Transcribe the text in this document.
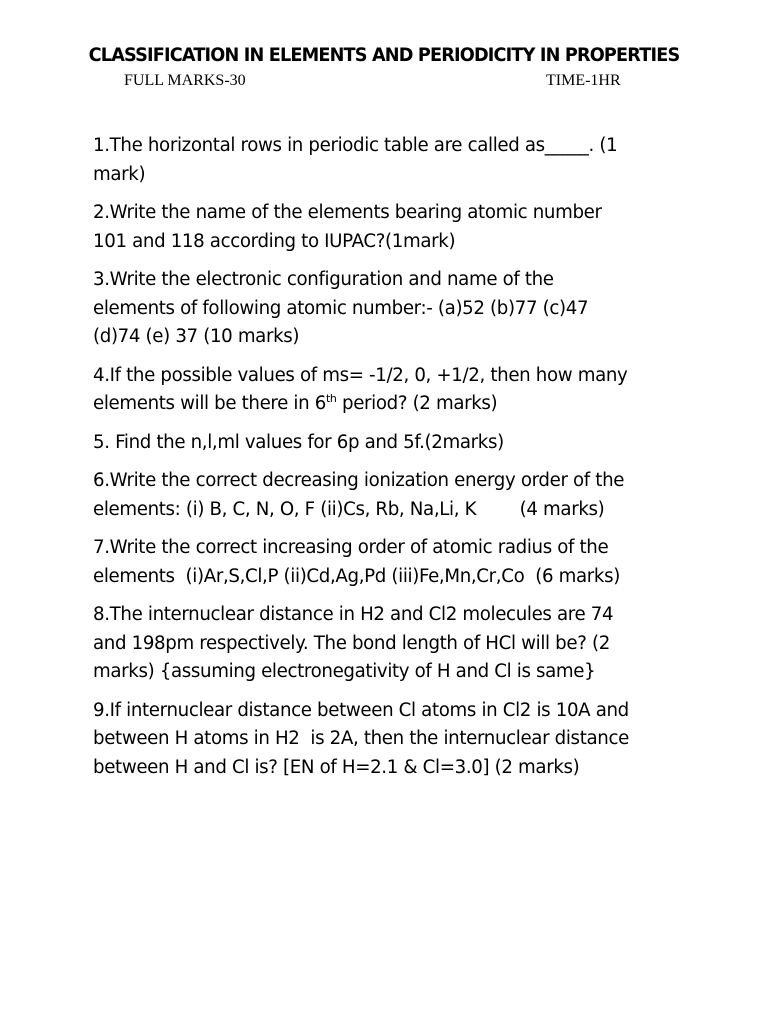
CLASSIFICATION IN ELEMENTS AND PERIODICITY IN PROPERTIES
FULL MARKS-30	TIME-1HR
1.The horizontal rows in periodic table are called as_____. (1
mark)
2.Write the name of the elements bearing atomic number
101 and 118 according to IUPAC?(1mark)
3.Write the electronic configuration and name of the
elements of following atomic number:- (a)52 (b)77 (c)47
(d)74 (e) 37 (10 marks)
4.If the possible values of ms= -1/2, 0, +1/2, then how many
elements will be there in 6th period? (2 marks)
5. Find the n,l,ml values for 6p and 5f.(2marks)
6.Write the correct decreasing ionization energy order of the
elements: (i) B, C, N, O, F (ii)Cs, Rb, Na,Li, K        (4 marks)
7.Write the correct increasing order of atomic radius of the
elements  (i)Ar,S,Cl,P (ii)Cd,Ag,Pd (iii)Fe,Mn,Cr,Co  (6 marks)
8.The internuclear distance in H2 and Cl2 molecules are 74
and 198pm respectively. The bond length of HCl will be? (2
marks) {assuming electronegativity of H and Cl is same}
9.If internuclear distance between Cl atoms in Cl2 is 10A and
between H atoms in H2  is 2A, then the internuclear distance
between H and Cl is? [EN of H=2.1 & Cl=3.0] (2 marks)
